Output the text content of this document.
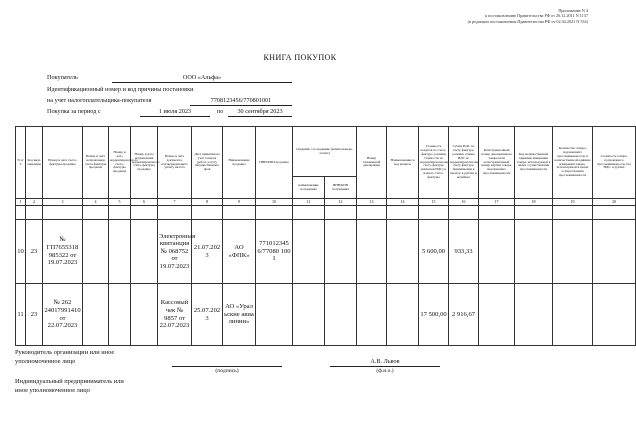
Приложение N 4
к постановлению Правительства РФ от 26.12.2011 N 1137
(в редакции постановления Правительства РФ от 02.04.2021 N 534)
КНИГА ПОКУПОК
Покупатель	ООО «Альфа»
Идентификационный номер и код причины постановки
на учет налогоплательщика-покупателя	7708123456/770801001
Покупка за период с	1 июля 2023	по	30 сентября 2023
N п/п	Код вида операции	Номер и дата счета-фактуры продавца	Номер и дата исправления счета-фактуры продавца	Номер и дата корректировочного счета-фактуры продавца	Номер и дата исправления корректировочного счета-фактуры продавца	Номер и дата документа, подтверждающего уплату налога	Дата принятия на учет товаров (работ, услуг), имущественных прав	Наименование продавца	ИНН/КПП продавца	Сведения о посреднике (комиссионере, агенте)		Номер таможенной декларации	Наименование и код валюты	Стоимость покупок по счету-фактуре, разница стоимости по корректировочному счету-фактуре (включая НДС) в валюте счета-фактуры	Сумма НДС по счету-фактуре, разница суммы НДС по корректировочному счету-фактуре, принимаемая к вычету, в рублях и копейках	Регистрационный номер декларации на товары или регистрационный номер партии товара, подлежащего прослеживаемости	Код количественной единицы измерения товара, используемой в целях осуществления прослеживаемости	Количество товара, подлежащего прослеживаемости, в количественной единице измерения товара, используемой в целях осуществления прослеживаемости	Стоимость товара, подлежащего прослеживаемости, без НДС, в рублях
										наименование посредника	ИНН/КПП посредника								
1	2	3	4	5	6	7	8	9	10	11	12	13	14	15	16	17	18	19	20

10	23	№ ГП7655318 985322 от 19.07.2023				Электронная квитанция № 068752 от 19.07.2023	21.07.2023	АО «ФПК»	7710123456/77080 1001					5 600,00	933,33				
11	23	№ 262 24017991410 от 22.07.2023				Кассовый чек № 9857 от 22.07.2023	25.07.2023	АО «Уральские авиалинии»						17 500,00	2 916,67				
Руководитель организации или иное
уполномоченное лицо
(подпись)
А.В. Львов
(ф.и.о.)
Индивидуальный предприниматель или
иное уполномоченное лицо
